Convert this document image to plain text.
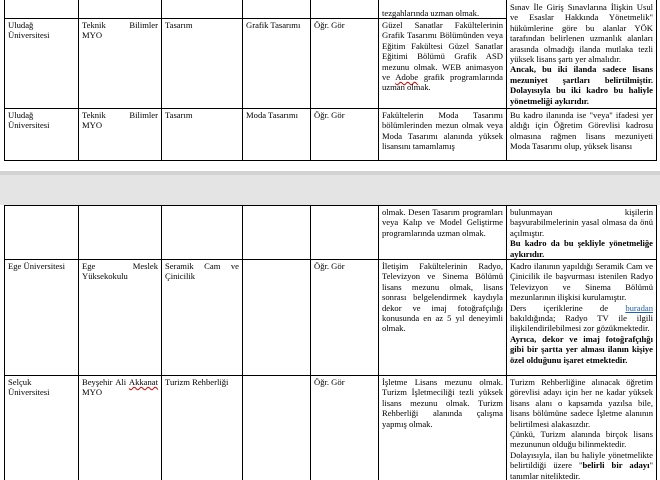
					tezgahlarında uzman olmak.	Sınav İle Giriş Sınavlarına İlişkin Usul ve Esaslar Hakkında Yönetmelik" hükümlerine göre bu alanlar YÖK tarafından belirlenen uzmanlık alanları arasında olmadığı ilanda mutlaka tezli yüksek lisans şartı yer almalıdır.
Ancak, bu iki ilanda sadece lisans mezuniyet şartları belirtilmiştir. Dolayısıyla bu iki kadro bu haliyle yönetmeliği aykırıdır.
Uludağ Üniversitesi	Teknik Bilimler MYO	Tasarım	Grafik Tasarımı	Öğr. Gör	Güzel Sanatlar Fakültelerinin Grafik Tasarımı Bölümünden veya Eğitim Fakültesi Güzel Sanatlar Eğitimi Bölümü Grafik ASD mezunu olmak. WEB animasyon ve Adobe grafik programlarında uzman olmak.	
Uludağ Üniversitesi	Teknik Bilimler MYO	Tasarım	Moda Tasarımı	Öğr. Gör	Fakültelerin Moda Tasarımı bölümlerinden mezun olmak veya Moda Tasarımı alanında yüksek lisansını tamamlamış	Bu kadro ilanında ise "veya" ifadesi yer aldığı için Öğretim Görevlisi kadrosu olmasına rağmen lisans mezuniyeti Moda Tasarımı olup, yüksek lisansı
					olmak. Desen Tasarım programları veya Kalıp ve Model Geliştirme programlarında uzman olmak.	bulunmayan kişilerin başvurabilmelerinin yasal olmasa da önü açılmıştır.
Bu kadro da bu şekliyle yönetmeliğe aykırıdır.
Ege Üniversitesi	Ege Meslek Yüksekokulu	Seramik Cam ve Çinicilik		Öğr. Gör	İletişim Fakültelerinin Radyo, Televizyon ve Sinema Bölümü lisans mezunu olmak, lisans sonrası belgelendirmek kaydıyla dekor ve imaj fotoğrafçılığı konusunda en az 5 yıl deneyimli olmak.	Kadro ilanının yapıldığı Seramik Cam ve Çinicilik ile başvurması istenilen Radyo Televizyon ve Sinema Bölümü mezunlarının ilişkisi kurulamıştır.
Ders içeriklerine de buradan bakıldığında; Radyo TV ile ilgili ilişkilendirilebilmesi zor gözükmektedir.
Ayrıca, dekor ve imaj fotoğrafçılığı gibi bir şartta yer alması ilanın kişiye özel olduğunu işaret etmektedir.
Selçuk Üniversitesi	Beyşehir Ali Akkanat MYO	Turizm Rehberliği		Öğr. Gör	İşletme Lisans mezunu olmak. Turizm İşletmeciliği tezli yüksek lisans mezunu olmak. Turizm Rehberliği alanında çalışma yapmış olmak.	Turizm Rehberliğine alınacak öğretim görevlisi adayı için her ne kadar yüksek lisans alanı o kapsamda yazılsa bile, lisans bölümüne sadece İşletme alanının belirtilmesi alakasızdır.
Çünkü, Turizm alanında birçok lisans mezununun olduğu bilinmektedir.
Dolayısıyla, ilan bu haliyle yönetmelikte belirtildiği üzere "belirli bir adayı" tanımlar niteliktedir.
